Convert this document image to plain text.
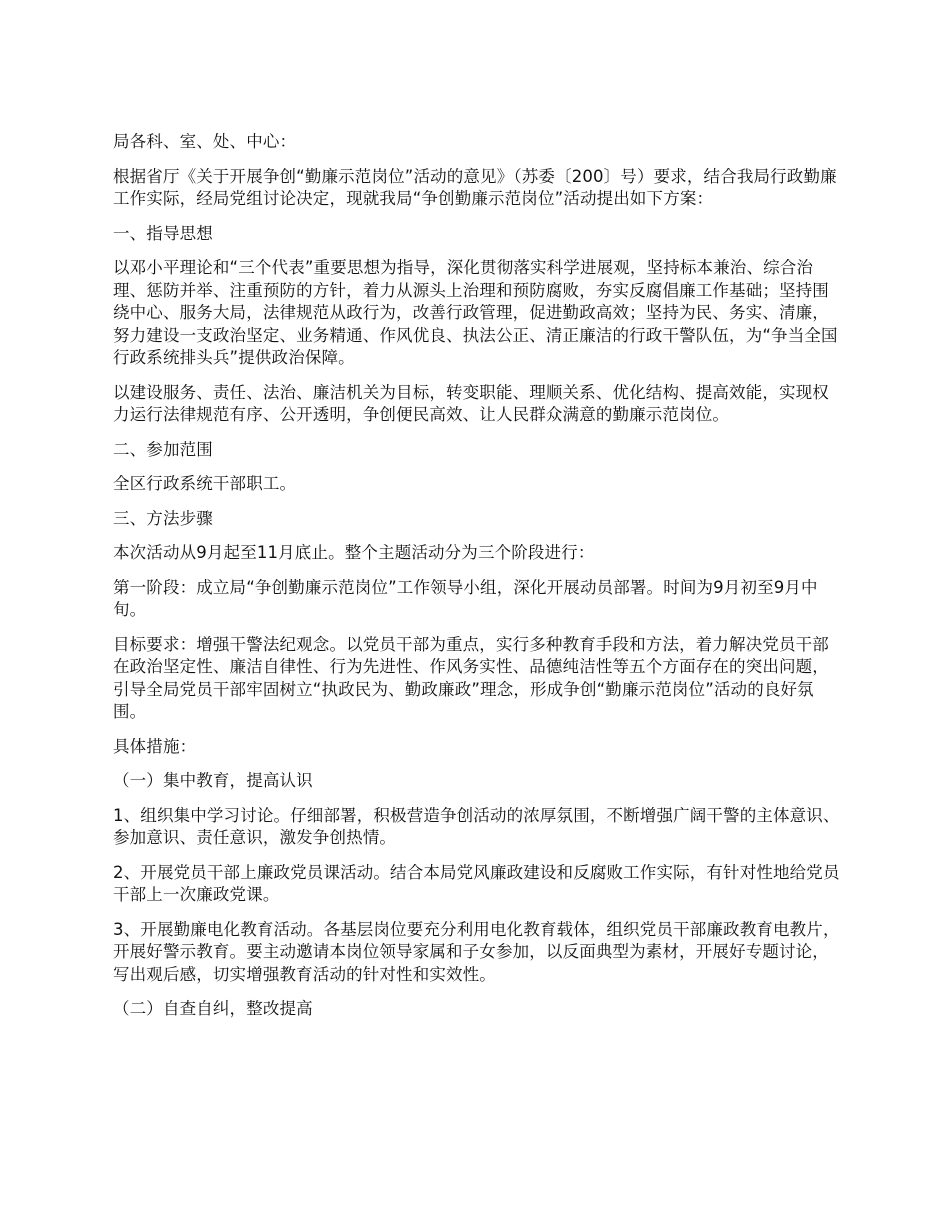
局各科、室、处、中心：

根据省厅《关于开展争创“勤廉示范岗位”活动的意见》（苏委〔200〕号）要求，结合我局行政勤廉工作实际，经局党组讨论决定，现就我局“争创勤廉示范岗位”活动提出如下方案：

一、指导思想

以邓小平理论和“三个代表”重要思想为指导，深化贯彻落实科学进展观，坚持标本兼治、综合治理、惩防并举、注重预防的方针，着力从源头上治理和预防腐败，夯实反腐倡廉工作基础；坚持围绕中心、服务大局，法律规范从政行为，改善行政管理，促进勤政高效；坚持为民、务实、清廉，努力建设一支政治坚定、业务精通、作风优良、执法公正、清正廉洁的行政干警队伍，为“争当全国行政系统排头兵”提供政治保障。

以建设服务、责任、法治、廉洁机关为目标，转变职能、理顺关系、优化结构、提高效能，实现权力运行法律规范有序、公开透明，争创便民高效、让人民群众满意的勤廉示范岗位。

二、参加范围

全区行政系统干部职工。

三、方法步骤

本次活动从9月起至11月底止。整个主题活动分为三个阶段进行：

第一阶段：成立局“争创勤廉示范岗位”工作领导小组，深化开展动员部署。时间为9月初至9月中旬。

目标要求：增强干警法纪观念。以党员干部为重点，实行多种教育手段和方法，着力解决党员干部在政治坚定性、廉洁自律性、行为先进性、作风务实性、品德纯洁性等五个方面存在的突出问题，引导全局党员干部牢固树立“执政民为、勤政廉政”理念，形成争创“勤廉示范岗位”活动的良好氛围。

具体措施：

（一）集中教育，提高认识

1、组织集中学习讨论。仔细部署，积极营造争创活动的浓厚氛围，不断增强广阔干警的主体意识、参加意识、责任意识，激发争创热情。

2、开展党员干部上廉政党员课活动。结合本局党风廉政建设和反腐败工作实际，有针对性地给党员干部上一次廉政党课。

3、开展勤廉电化教育活动。各基层岗位要充分利用电化教育载体，组织党员干部廉政教育电教片，开展好警示教育。要主动邀请本岗位领导家属和子女参加，以反面典型为素材，开展好专题讨论，写出观后感，切实增强教育活动的针对性和实效性。

（二）自查自纠，整改提高
